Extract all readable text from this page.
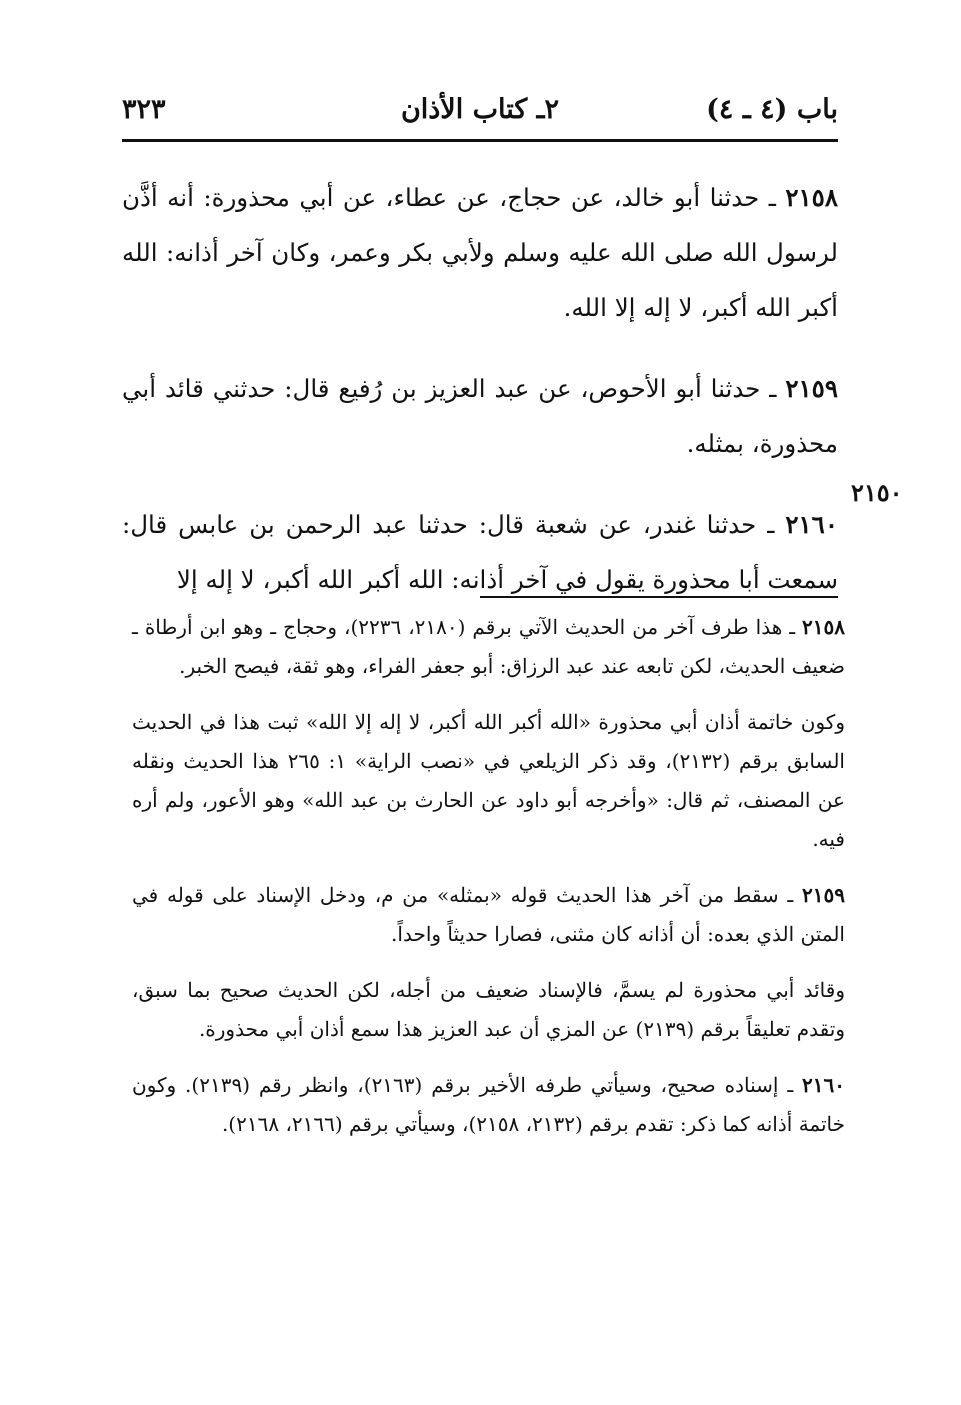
باب (٤ ـ ٤)
٢ـ كتاب الأذان
٣٢٣

٢١٥٨ ـ حدثنا أبو خالد، عن حجاج، عن عطاء، عن أبي محذورة: أنه أذَّن لرسول الله صلى الله عليه وسلم ولأبي بكر وعمر، وكان آخر أذانه: الله أكبر الله أكبر، لا إله إلا الله.

٢١٥٩ ـ حدثنا أبو الأحوص، عن عبد العزيز بن رُفيع قال: حدثني قائد أبي محذورة، بمثله.

٢١٦٠ ـ حدثنا غندر، عن شعبة قال: حدثنا عبد الرحمن بن عابس قال: سمعت أبا محذورة يقول في آخر أذانه: الله أكبر الله أكبر، لا إله إلا

٢١٥٠

٢١٥٨ ـ هذا طرف آخر من الحديث الآتي برقم (٢١٨٠، ٢٢٣٦)، وحجاج ـ وهو ابن أرطاة ـ ضعيف الحديث، لكن تابعه عند عبد الرزاق: أبو جعفر الفراء، وهو ثقة، فيصح الخبر.

وكون خاتمة أذان أبي محذورة «الله أكبر الله أكبر، لا إله إلا الله» ثبت هذا في الحديث السابق برقم (٢١٣٢)، وقد ذكر الزيلعي في «نصب الراية» ١: ٢٦٥ هذا الحديث ونقله عن المصنف، ثم قال: «وأخرجه أبو داود عن الحارث بن عبد الله» وهو الأعور، ولم أره فيه.

٢١٥٩ ـ سقط من آخر هذا الحديث قوله «بمثله» من م، ودخل الإسناد على قوله في المتن الذي بعده: أن أذانه كان مثنى، فصارا حديثاً واحداً.

وقائد أبي محذورة لم يسمَّ، فالإسناد ضعيف من أجله، لكن الحديث صحيح بما سبق، وتقدم تعليقاً برقم (٢١٣٩) عن المزي أن عبد العزيز هذا سمع أذان أبي محذورة.

٢١٦٠ ـ إسناده صحيح، وسيأتي طرفه الأخير برقم (٢١٦٣)، وانظر رقم (٢١٣٩). وكون خاتمة أذانه كما ذكر: تقدم برقم (٢١٣٢، ٢١٥٨)، وسيأتي برقم (٢١٦٦، ٢١٦٨).
